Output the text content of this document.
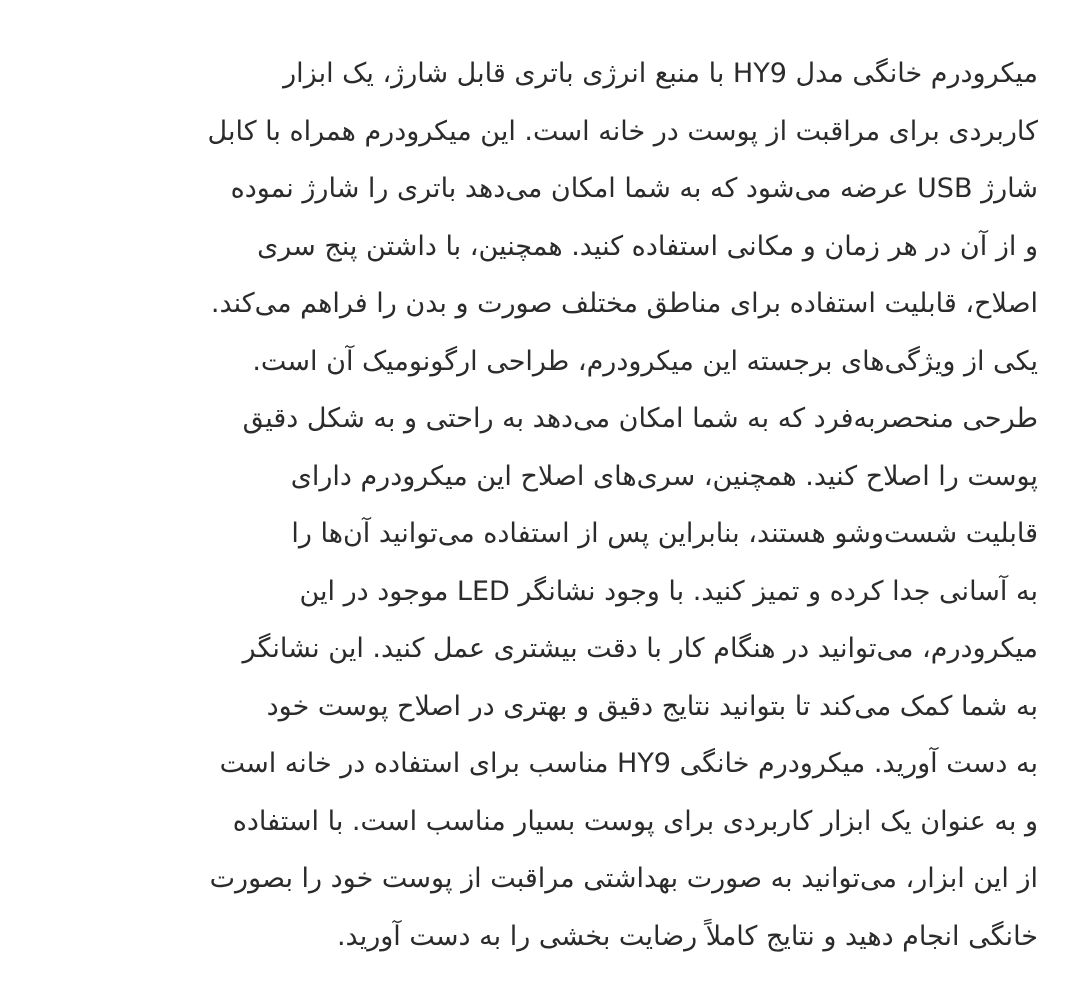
میکرودرم خانگی مدل HY9 با منبع انرژی باتری قابل شارژ، یک ابزار
کاربردی برای مراقبت از پوست در خانه است. این میکرودرم همراه با کابل
شارژ USB عرضه می‌شود که به شما امکان می‌دهد باتری را شارژ نموده
و از آن در هر زمان و مکانی استفاده کنید. همچنین، با داشتن پنج سری
اصلاح، قابلیت استفاده برای مناطق مختلف صورت و بدن را فراهم می‌کند.
یکی از ویژگی‌های برجسته این میکرودرم، طراحی ارگونومیک آن است.
طرحی منحصربه‌فرد که به شما امکان می‌دهد به راحتی و به شکل دقیق
پوست را اصلاح کنید. همچنین، سری‌های اصلاح این میکرودرم دارای
قابلیت شست‌وشو هستند، بنابراین پس از استفاده می‌توانید آن‌ها را
به آسانی جدا کرده و تمیز کنید. با وجود نشانگر LED موجود در این
میکرودرم، می‌توانید در هنگام کار با دقت بیشتری عمل کنید. این نشانگر
به شما کمک می‌کند تا بتوانید نتایج دقیق و بهتری در اصلاح پوست خود
به دست آورید. میکرودرم خانگی HY9 مناسب برای استفاده در خانه است
و به عنوان یک ابزار کاربردی برای پوست بسیار مناسب است. با استفاده
از این ابزار، می‌توانید به صورت بهداشتی مراقبت از پوست خود را بصورت
خانگی انجام دهید و نتایج کاملاً رضایت بخشی را به دست آورید.
